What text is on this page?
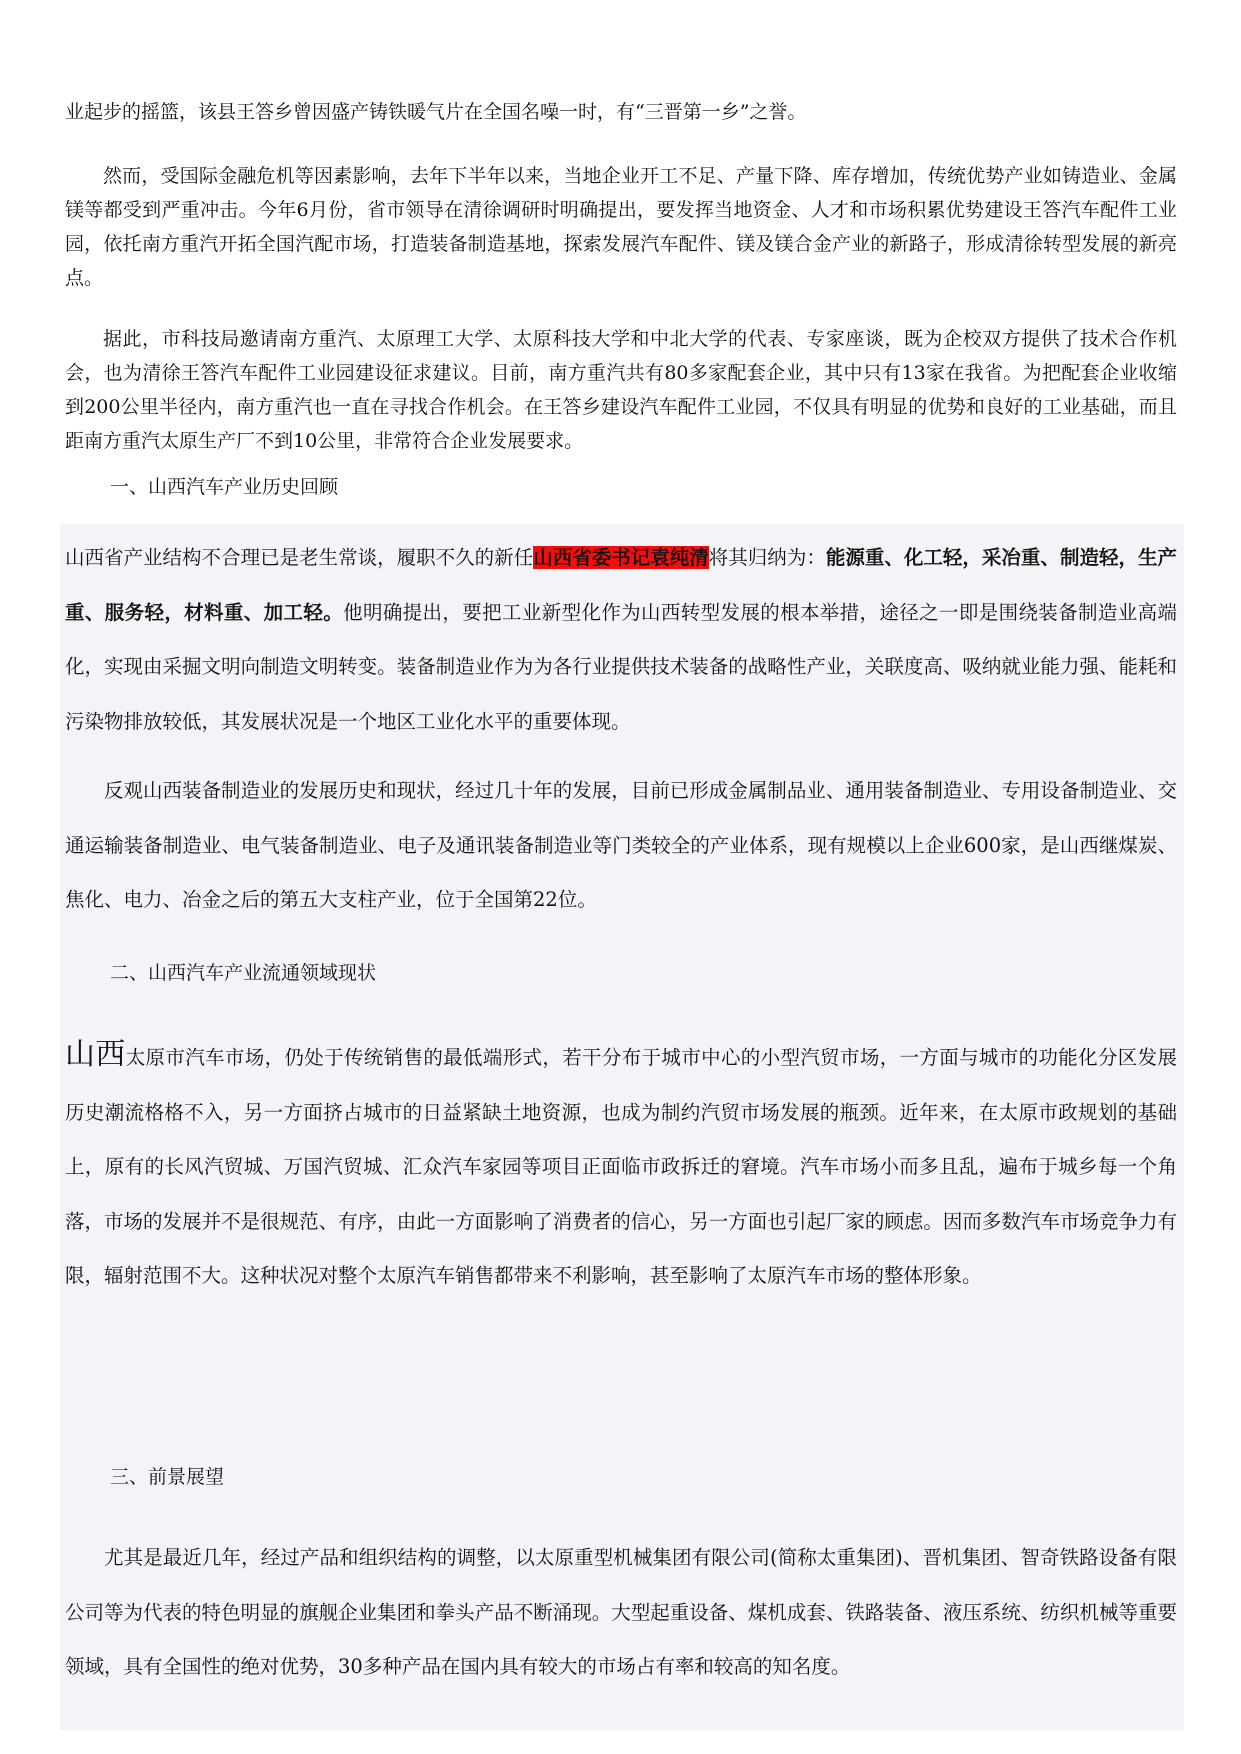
业起步的摇篮，该县王答乡曾因盛产铸铁暖气片在全国名噪一时，有“三晋第一乡”之誉。

然而，受国际金融危机等因素影响，去年下半年以来，当地企业开工不足、产量下降、库存增加，传统优势产业如铸造业、金属镁等都受到严重冲击。今年6月份，省市领导在清徐调研时明确提出，要发挥当地资金、人才和市场积累优势建设王答汽车配件工业园，依托南方重汽开拓全国汽配市场，打造装备制造基地，探索发展汽车配件、镁及镁合金产业的新路子，形成清徐转型发展的新亮点。

据此，市科技局邀请南方重汽、太原理工大学、太原科技大学和中北大学的代表、专家座谈，既为企校双方提供了技术合作机会，也为清徐王答汽车配件工业园建设征求建议。目前，南方重汽共有80多家配套企业，其中只有13家在我省。为把配套企业收缩到200公里半径内，南方重汽也一直在寻找合作机会。在王答乡建设汽车配件工业园，不仅具有明显的优势和良好的工业基础，而且距南方重汽太原生产厂不到10公里，非常符合企业发展要求。

一、山西汽车产业历史回顾

山西省产业结构不合理已是老生常谈，履职不久的新任山西省委书记袁纯清将其归纳为：能源重、化工轻，采冶重、制造轻，生产重、服务轻，材料重、加工轻。他明确提出，要把工业新型化作为山西转型发展的根本举措，途径之一即是围绕装备制造业高端化，实现由采掘文明向制造文明转变。装备制造业作为为各行业提供技术装备的战略性产业，关联度高、吸纳就业能力强、能耗和污染物排放较低，其发展状况是一个地区工业化水平的重要体现。

反观山西装备制造业的发展历史和现状，经过几十年的发展，目前已形成金属制品业、通用装备制造业、专用设备制造业、交通运输装备制造业、电气装备制造业、电子及通讯装备制造业等门类较全的产业体系，现有规模以上企业600家，是山西继煤炭、焦化、电力、冶金之后的第五大支柱产业，位于全国第22位。

二、山西汽车产业流通领域现状

山西太原市汽车市场，仍处于传统销售的最低端形式，若干分布于城市中心的小型汽贸市场，一方面与城市的功能化分区发展历史潮流格格不入，另一方面挤占城市的日益紧缺土地资源，也成为制约汽贸市场发展的瓶颈。近年来，在太原市政规划的基础上，原有的长风汽贸城、万国汽贸城、汇众汽车家园等项目正面临市政拆迁的窘境。汽车市场小而多且乱，遍布于城乡每一个角落，市场的发展并不是很规范、有序，由此一方面影响了消费者的信心，另一方面也引起厂家的顾虑。因而多数汽车市场竞争力有限，辐射范围不大。这种状况对整个太原汽车销售都带来不利影响，甚至影响了太原汽车市场的整体形象。

三、前景展望

尤其是最近几年，经过产品和组织结构的调整，以太原重型机械集团有限公司(简称太重集团)、晋机集团、智奇铁路设备有限公司等为代表的特色明显的旗舰企业集团和拳头产品不断涌现。大型起重设备、煤机成套、铁路装备、液压系统、纺织机械等重要领域，具有全国性的绝对优势，30多种产品在国内具有较大的市场占有率和较高的知名度。
